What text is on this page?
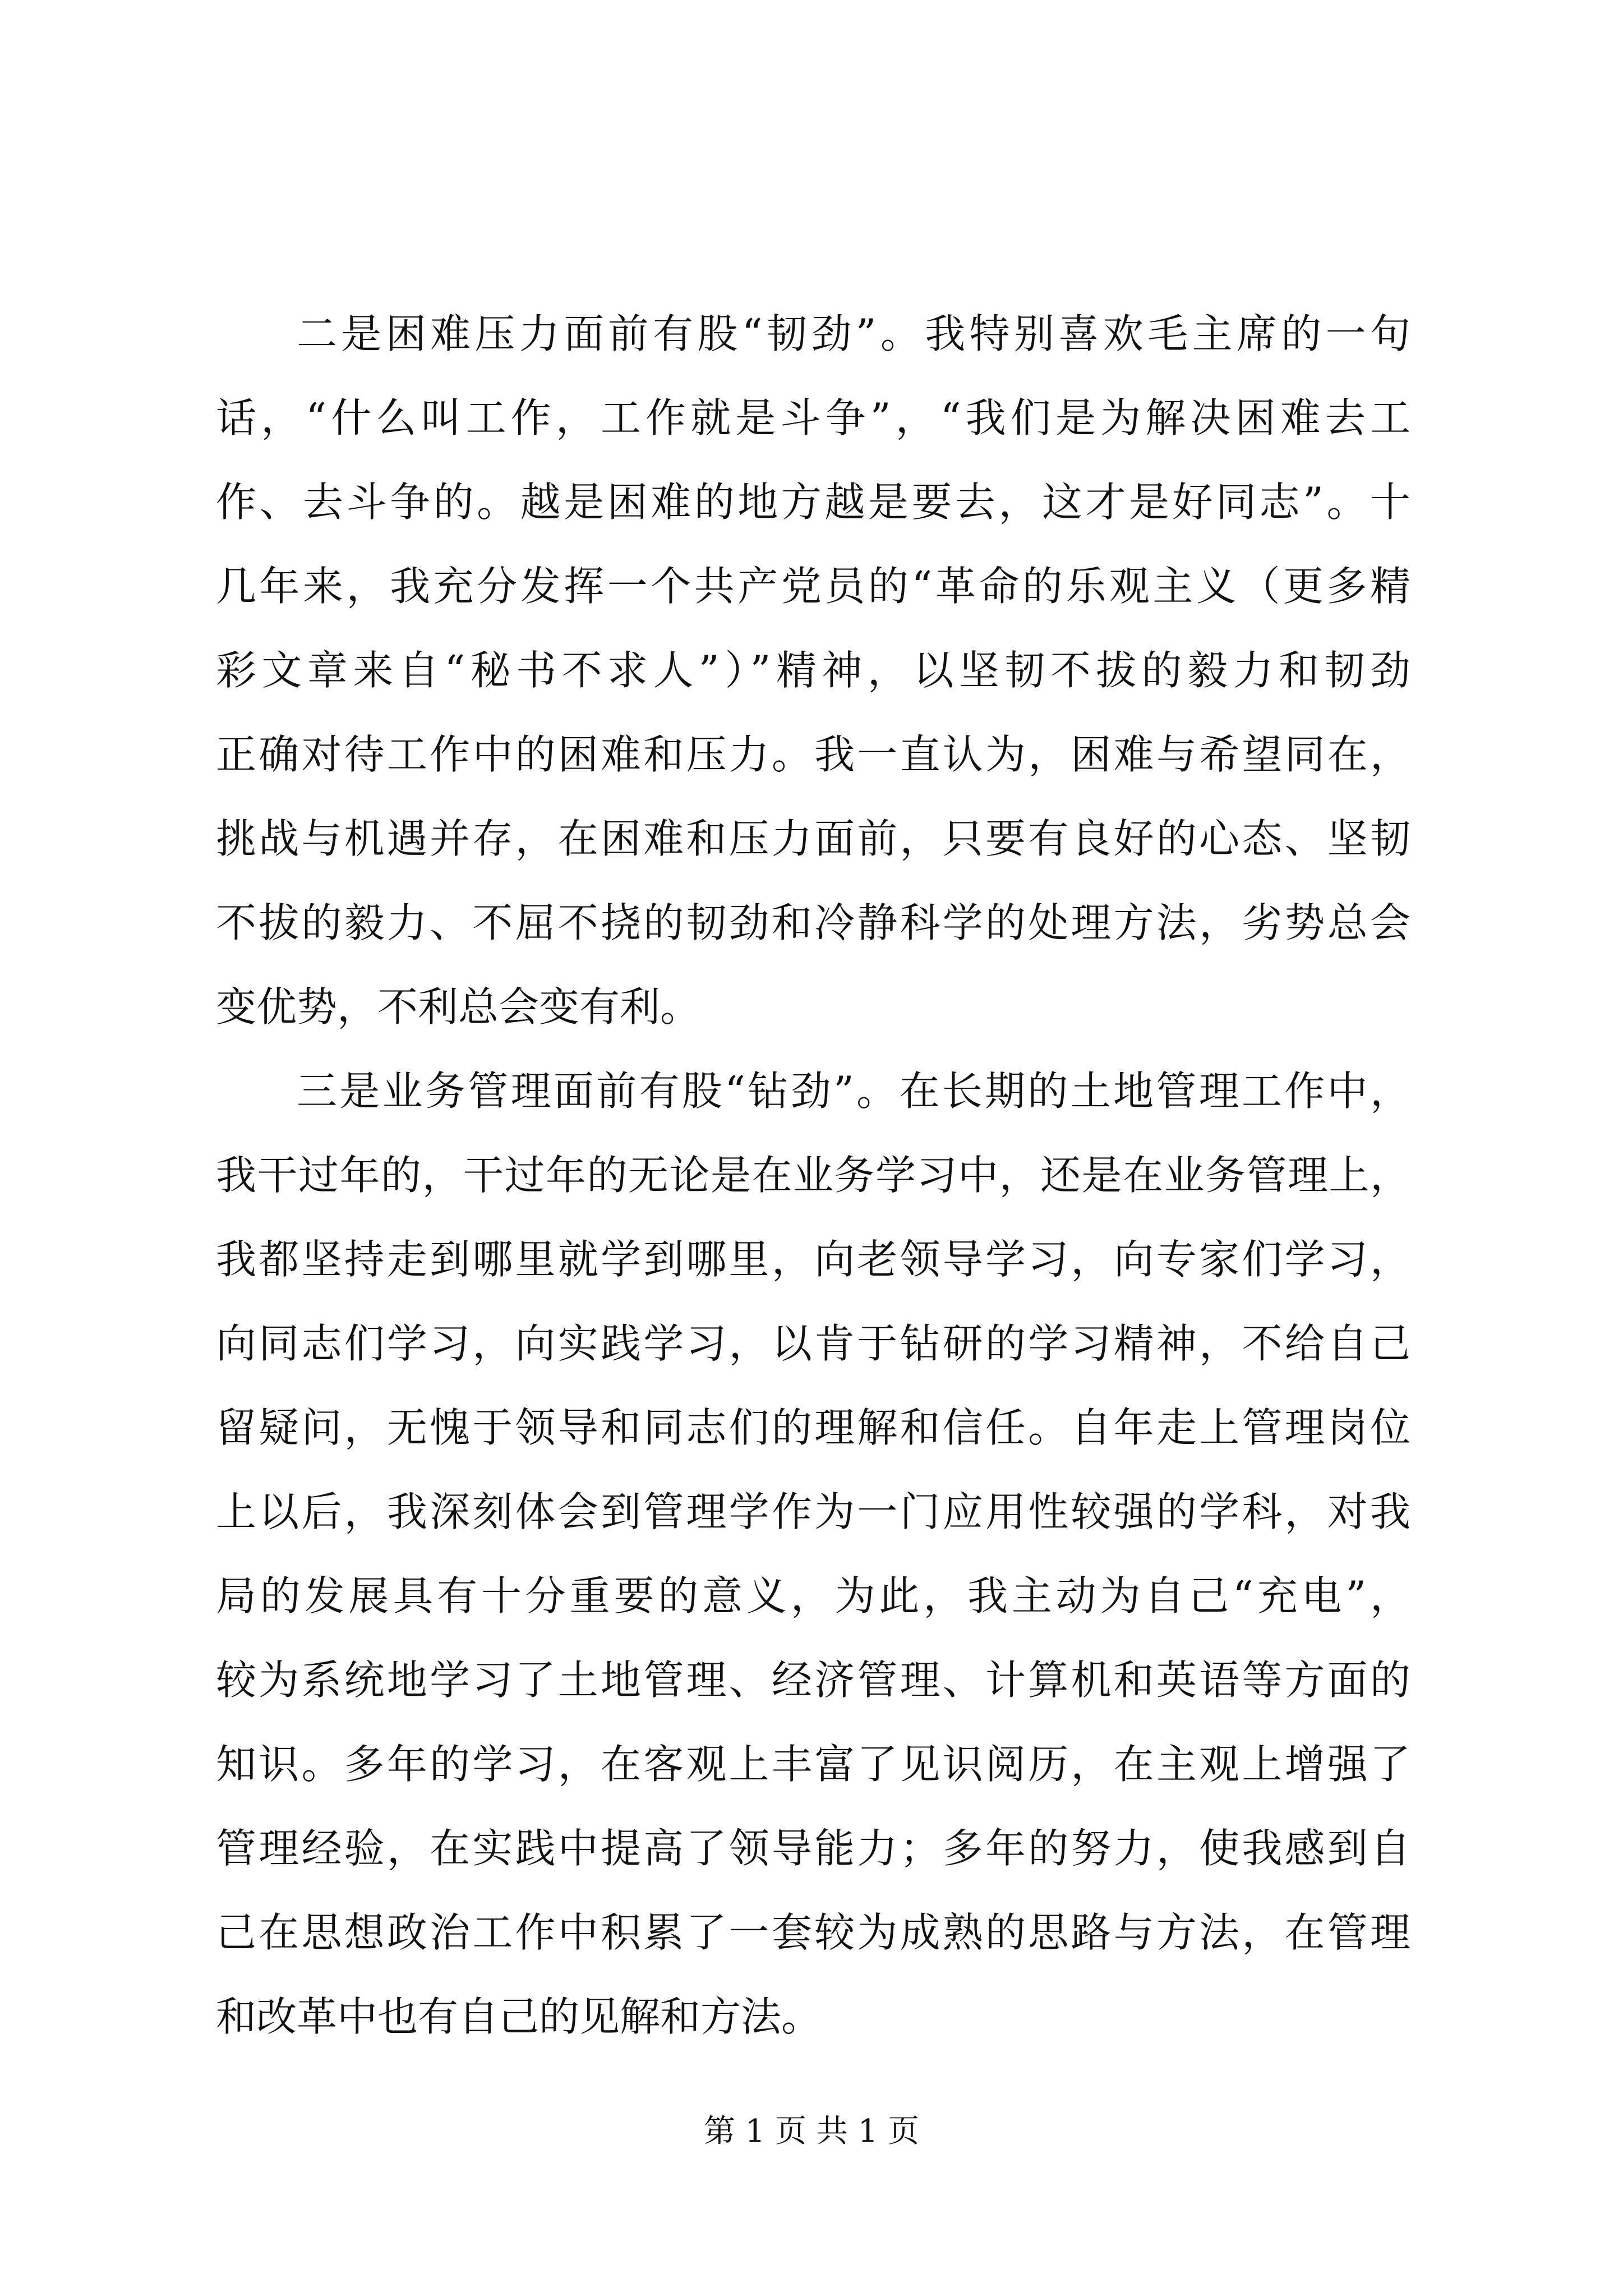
二是困难压力面前有股“韧劲”。我特别喜欢毛主席的一句
话，“什么叫工作，工作就是斗争”，“我们是为解决困难去工
作、去斗争的。越是困难的地方越是要去，这才是好同志”。十
几年来，我充分发挥一个共产党员的“革命的乐观主义（更多精
彩文章来自“秘书不求人”）”精神，以坚韧不拔的毅力和韧劲
正确对待工作中的困难和压力。我一直认为，困难与希望同在，
挑战与机遇并存，在困难和压力面前，只要有良好的心态、坚韧
不拔的毅力、不屈不挠的韧劲和冷静科学的处理方法，劣势总会
变优势，不利总会变有利。
三是业务管理面前有股“钻劲”。在长期的土地管理工作中，
我干过年的，干过年的无论是在业务学习中，还是在业务管理上，
我都坚持走到哪里就学到哪里，向老领导学习，向专家们学习，
向同志们学习，向实践学习，以肯于钻研的学习精神，不给自己
留疑问，无愧于领导和同志们的理解和信任。自年走上管理岗位
上以后，我深刻体会到管理学作为一门应用性较强的学科，对我
局的发展具有十分重要的意义，为此，我主动为自己“充电”，
较为系统地学习了土地管理、经济管理、计算机和英语等方面的
知识。多年的学习，在客观上丰富了见识阅历，在主观上增强了
管理经验，在实践中提高了领导能力；多年的努力，使我感到自
己在思想政治工作中积累了一套较为成熟的思路与方法，在管理
和改革中也有自己的见解和方法。
第 1 页 共 1 页
